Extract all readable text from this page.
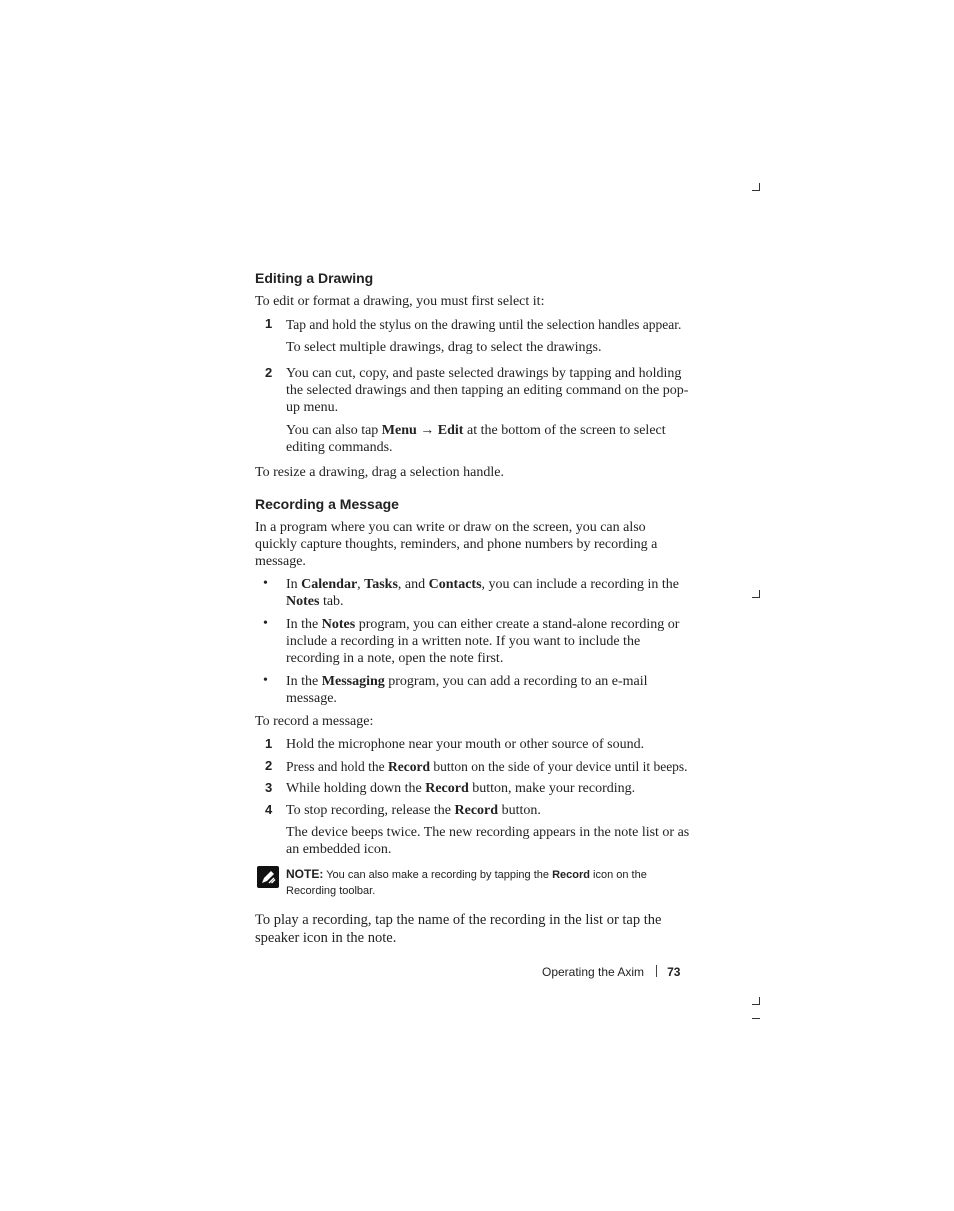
Editing a Drawing

To edit or format a drawing, you must first select it:

1 Tap and hold the stylus on the drawing until the selection handles appear.

To select multiple drawings, drag to select the drawings.

2 You can cut, copy, and paste selected drawings by tapping and holding the selected drawings and then tapping an editing command on the pop-up menu.

You can also tap Menu → Edit at the bottom of the screen to select editing commands.

To resize a drawing, drag a selection handle.

Recording a Message

In a program where you can write or draw on the screen, you can also quickly capture thoughts, reminders, and phone numbers by recording a message.

• In Calendar, Tasks, and Contacts, you can include a recording in the Notes tab.

• In the Notes program, you can either create a stand-alone recording or include a recording in a written note. If you want to include the recording in a note, open the note first.

• In the Messaging program, you can add a recording to an e-mail message.

To record a message:

1 Hold the microphone near your mouth or other source of sound.

2 Press and hold the Record button on the side of your device until it beeps.

3 While holding down the Record button, make your recording.

4 To stop recording, release the Record button.

The device beeps twice. The new recording appears in the note list or as an embedded icon.

NOTE: You can also make a recording by tapping the Record icon on the Recording toolbar.

To play a recording, tap the name of the recording in the list or tap the speaker icon in the note.

Operating the Axim 73
